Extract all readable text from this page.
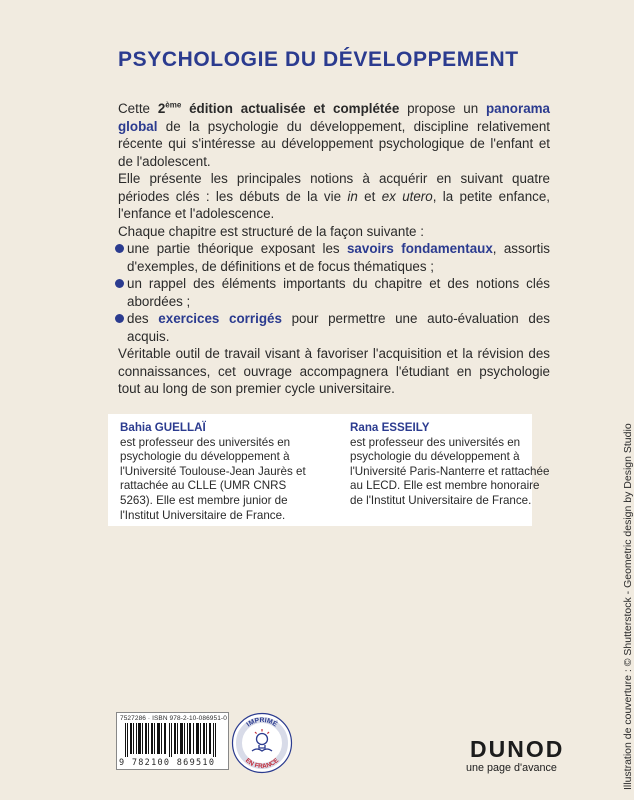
PSYCHOLOGIE DU DÉVELOPPEMENT

Cette 2ème édition actualisée et complétée propose un panorama global de la psychologie du développement, discipline relativement récente qui s'intéresse au développement psychologique de l'enfant et de l'adolescent.

Elle présente les principales notions à acquérir en suivant quatre périodes clés : les débuts de la vie in et ex utero, la petite enfance, l'enfance et l'adolescence.

Chaque chapitre est structuré de la façon suivante :

une partie théorique exposant les savoirs fondamentaux, assortis d'exemples, de définitions et de focus thématiques ;
un rappel des éléments importants du chapitre et des notions clés abordées ;
des exercices corrigés pour permettre une auto-évaluation des acquis.

Véritable outil de travail visant à favoriser l'acquisition et la révision des connaissances, cet ouvrage accompagnera l'étudiant en psychologie tout au long de son premier cycle universitaire.

Bahia GUELLAÏ
est professeur des universités en psychologie du développement à l'Université Toulouse-Jean Jaurès et rattachée au CLLE (UMR CNRS 5263). Elle est membre junior de l'Institut Universitaire de France.
Rana ESSEILY
est professeur des universités en psychologie du développement à l'Université Paris-Nanterre et rattachée au LECD. Elle est membre honoraire de l'Institut Universitaire de France.	Illustration de couverture : © Shutterstock - Geometric design by Design Studio
7527286 · ISBN 978-2-10-086951-0
9 782100 869510
IMPRIMÉ
EN FRANCE	DUNOD
une page d'avance
